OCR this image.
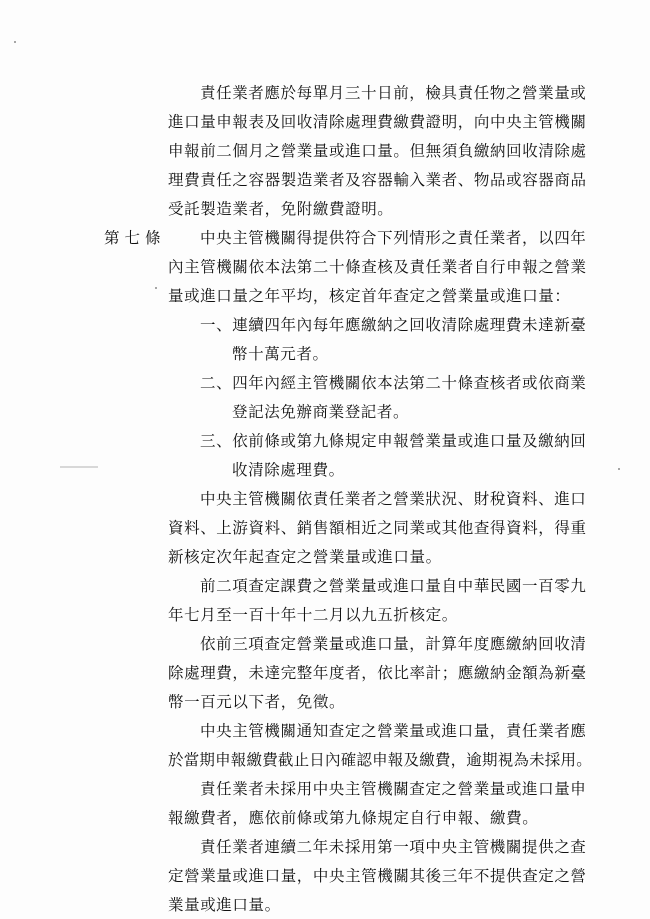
責任業者應於每單月三十日前，檢具責任物之營業量或
進口量申報表及回收清除處理費繳費證明，向中央主管機關
申報前二個月之營業量或進口量。但無須負繳納回收清除處
理費責任之容器製造業者及容器輸入業者、物品或容器商品
受託製造業者，免附繳費證明。
第七條 中央主管機關得提供符合下列情形之責任業者，以四年
內主管機關依本法第二十條查核及責任業者自行申報之營業
量或進口量之年平均，核定首年查定之營業量或進口量：
一、連續四年內每年應繳納之回收清除處理費未達新臺
幣十萬元者。
二、四年內經主管機關依本法第二十條查核者或依商業
登記法免辦商業登記者。
三、依前條或第九條規定申報營業量或進口量及繳納回
收清除處理費。
中央主管機關依責任業者之營業狀況、財稅資料、進口
資料、上游資料、銷售額相近之同業或其他查得資料，得重
新核定次年起查定之營業量或進口量。
前二項查定課費之營業量或進口量自中華民國一百零九
年七月至一百十年十二月以九五折核定。
依前三項查定營業量或進口量，計算年度應繳納回收清
除處理費，未達完整年度者，依比率計；應繳納金額為新臺
幣一百元以下者，免徵。
中央主管機關通知查定之營業量或進口量，責任業者應
於當期申報繳費截止日內確認申報及繳費，逾期視為未採用。
責任業者未採用中央主管機關查定之營業量或進口量申
報繳費者，應依前條或第九條規定自行申報、繳費。
責任業者連續二年未採用第一項中央主管機關提供之查
定營業量或進口量，中央主管機關其後三年不提供查定之營
業量或進口量。
